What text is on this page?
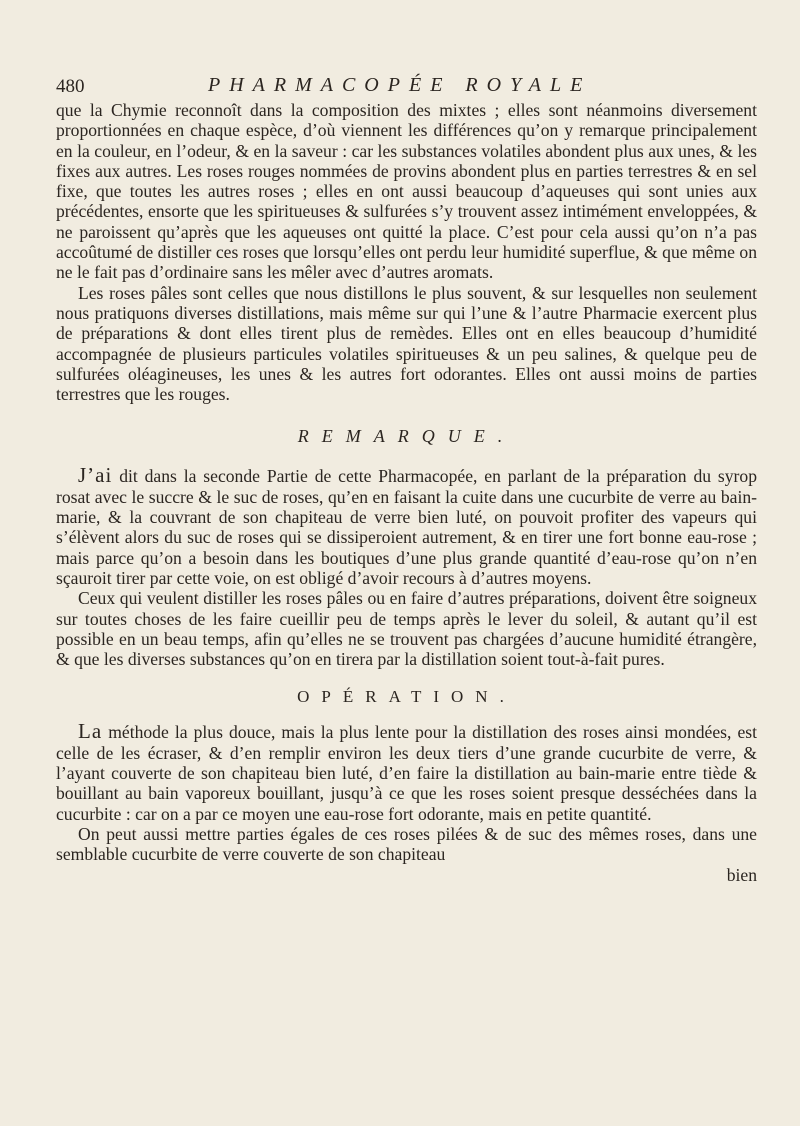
480	PHARMACOPÉE ROYALE

que la Chymie reconnoît dans la composition des mixtes ; elles sont néanmoins diversement proportionnées en chaque espèce, d’où viennent les différences qu’on y remarque principalement en la couleur, en l’odeur, & en la saveur : car les substances volatiles abondent plus aux unes, & les fixes aux autres. Les roses rouges nommées de provins abondent plus en parties terrestres & en sel fixe, que toutes les autres roses ; elles en ont aussi beaucoup d’aqueuses qui sont unies aux précédentes, ensorte que les spiritueuses & sulfurées s’y trouvent assez intimément enveloppées, & ne paroissent qu’après que les aqueuses ont quitté la place. C’est pour cela aussi qu’on n’a pas accoûtumé de distiller ces roses que lorsqu’elles ont perdu leur humidité superflue, & que même on ne le fait pas d’ordinaire sans les mêler avec d’autres aromats.

Les roses pâles sont celles que nous distillons le plus souvent, & sur lesquelles non seulement nous pratiquons diverses distillations, mais même sur qui l’une & l’autre Pharmacie exercent plus de préparations & dont elles tirent plus de remèdes. Elles ont en elles beaucoup d’humidité accompagnée de plusieurs particules volatiles spiritueuses & un peu salines, & quelque peu de sulfurées oléagineuses, les unes & les autres fort odorantes. Elles ont aussi moins de parties terrestres que les rouges.

REMARQUE.

J’ai dit dans la seconde Partie de cette Pharmacopée, en parlant de la préparation du syrop rosat avec le succre & le suc de roses, qu’en en faisant la cuite dans une cucurbite de verre au bain-marie, & la couvrant de son chapiteau de verre bien luté, on pouvoit profiter des vapeurs qui s’élèvent alors du suc de roses qui se dissiperoient autrement, & en tirer une fort bonne eau-rose ; mais parce qu’on a besoin dans les boutiques d’une plus grande quantité d’eau-rose qu’on n’en sçauroit tirer par cette voie, on est obligé d’avoir recours à d’autres moyens.

Ceux qui veulent distiller les roses pâles ou en faire d’autres préparations, doivent être soigneux sur toutes choses de les faire cueillir peu de temps après le lever du soleil, & autant qu’il est possible en un beau temps, afin qu’elles ne se trouvent pas chargées d’aucune humidité étrangère, & que les diverses substances qu’on en tirera par la distillation soient tout-à-fait pures.

OPÉRATION.

La méthode la plus douce, mais la plus lente pour la distillation des roses ainsi mondées, est celle de les écraser, & d’en remplir environ les deux tiers d’une grande cucurbite de verre, & l’ayant couverte de son chapiteau bien luté, d’en faire la distillation au bain-marie entre tiède & bouillant au bain vaporeux bouillant, jusqu’à ce que les roses soient presque desséchées dans la cucurbite : car on a par ce moyen une eau-rose fort odorante, mais en petite quantité.

On peut aussi mettre parties égales de ces roses pilées & de suc des mêmes roses, dans une semblable cucurbite de verre couverte de son chapiteau

bien
